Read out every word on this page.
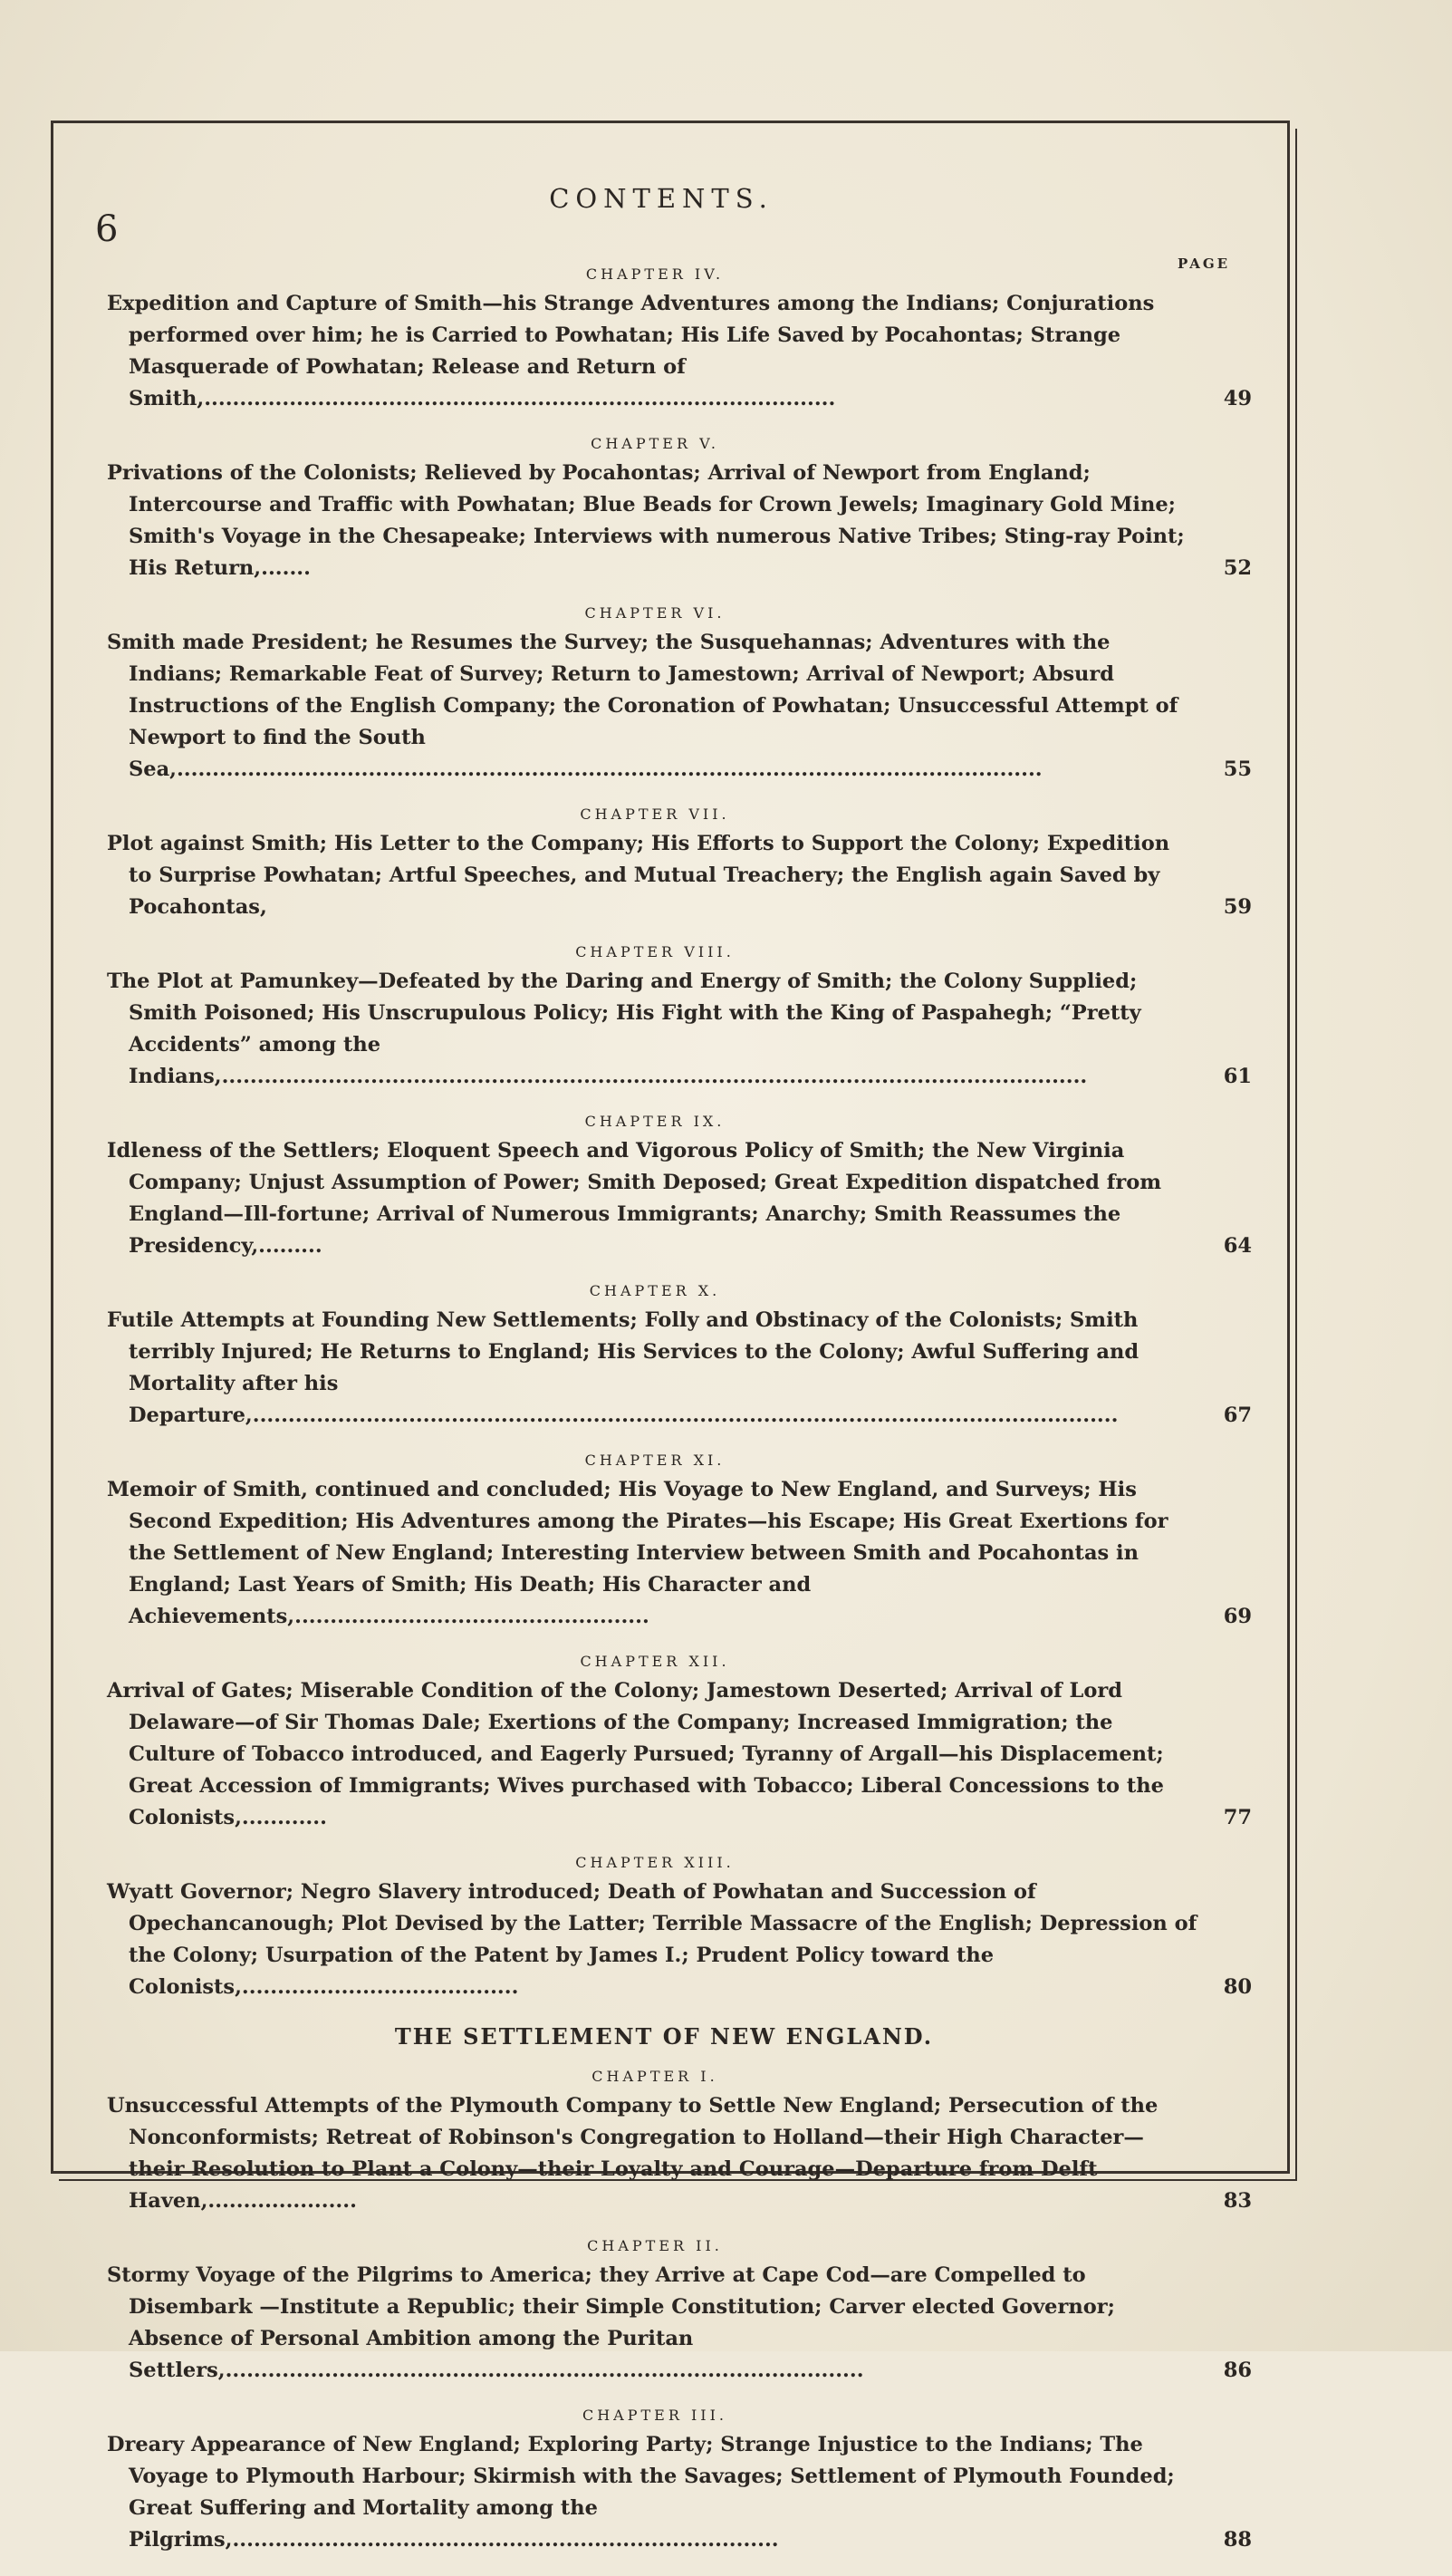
6
CONTENTS.
PAGE
CHAPTER IV.
Expedition and Capture of Smith—his Strange Adventures among the Indians; Conjurations performed over him; he is Carried to Powhatan; His Life Saved by Pocahontas; Strange Masquerade of Powhatan; Release and Return of Smith,.........................................................................................	49
CHAPTER V.
Privations of the Colonists; Relieved by Pocahontas; Arrival of Newport from England; Intercourse and Traffic with Powhatan; Blue Beads for Crown Jewels; Imaginary Gold Mine; Smith's Voyage in the Chesapeake; Interviews with numerous Native Tribes; Sting-ray Point; His Return,.......	52
CHAPTER VI.
Smith made President; he Resumes the Survey; the Susquehannas; Adventures with the Indians; Remarkable Feat of Survey; Return to Jamestown; Arrival of Newport; Absurd Instructions of the English Company; the Coronation of Powhatan; Unsuccessful Attempt of Newport to find the South Sea,..........................................................................................................................	55
CHAPTER VII.
Plot against Smith; His Letter to the Company; His Efforts to Support the Colony; Expedition to Surprise Powhatan; Artful Speeches, and Mutual Treachery; the English again Saved by Pocahontas,	59
CHAPTER VIII.
The Plot at Pamunkey—Defeated by the Daring and Energy of Smith; the Colony Supplied; Smith Poisoned; His Unscrupulous Policy; His Fight with the King of Paspahegh; “Pretty Accidents” among the Indians,..........................................................................................................................	61
CHAPTER IX.
Idleness of the Settlers; Eloquent Speech and Vigorous Policy of Smith; the New Virginia Company; Unjust Assumption of Power; Smith Deposed; Great Expedition dispatched from England—Ill-fortune; Arrival of Numerous Immigrants; Anarchy; Smith Reassumes the Presidency,.........	64
CHAPTER X.
Futile Attempts at Founding New Settlements; Folly and Obstinacy of the Colonists; Smith terribly Injured; He Returns to England; His Services to the Colony; Awful Suffering and Mortality after his Departure,..........................................................................................................................	67
CHAPTER XI.
Memoir of Smith, continued and concluded; His Voyage to New England, and Surveys; His Second Expedition; His Adventures among the Pirates—his Escape; His Great Exertions for the Settlement of New England; Interesting Interview between Smith and Pocahontas in England; Last Years of Smith; His Death; His Character and Achievements,..................................................	69
CHAPTER XII.
Arrival of Gates; Miserable Condition of the Colony; Jamestown Deserted; Arrival of Lord Delaware—of Sir Thomas Dale; Exertions of the Company; Increased Immigration; the Culture of Tobacco introduced, and Eagerly Pursued; Tyranny of Argall—his Displacement; Great Accession of Immigrants; Wives purchased with Tobacco; Liberal Concessions to the Colonists,............	77
CHAPTER XIII.
Wyatt Governor; Negro Slavery introduced; Death of Powhatan and Succession of Opechancanough; Plot Devised by the Latter; Terrible Massacre of the English; Depression of the Colony; Usurpation of the Patent by James I.; Prudent Policy toward the Colonists,.......................................	80
THE SETTLEMENT OF NEW ENGLAND.
CHAPTER I.
Unsuccessful Attempts of the Plymouth Company to Settle New England; Persecution of the Nonconformists; Retreat of Robinson's Congregation to Holland—their High Character—their Resolution to Plant a Colony—their Loyalty and Courage—Departure from Delft Haven,.....................	83
CHAPTER II.
Stormy Voyage of the Pilgrims to America; they Arrive at Cape Cod—are Compelled to Disembark —Institute a Republic; their Simple Constitution; Carver elected Governor; Absence of Personal Ambition among the Puritan Settlers,..........................................................................................	86
CHAPTER III.
Dreary Appearance of New England; Exploring Party; Strange Injustice to the Indians; The Voyage to Plymouth Harbour; Skirmish with the Savages; Settlement of Plymouth Founded; Great Suffering and Mortality among the Pilgrims,.............................................................................	88
